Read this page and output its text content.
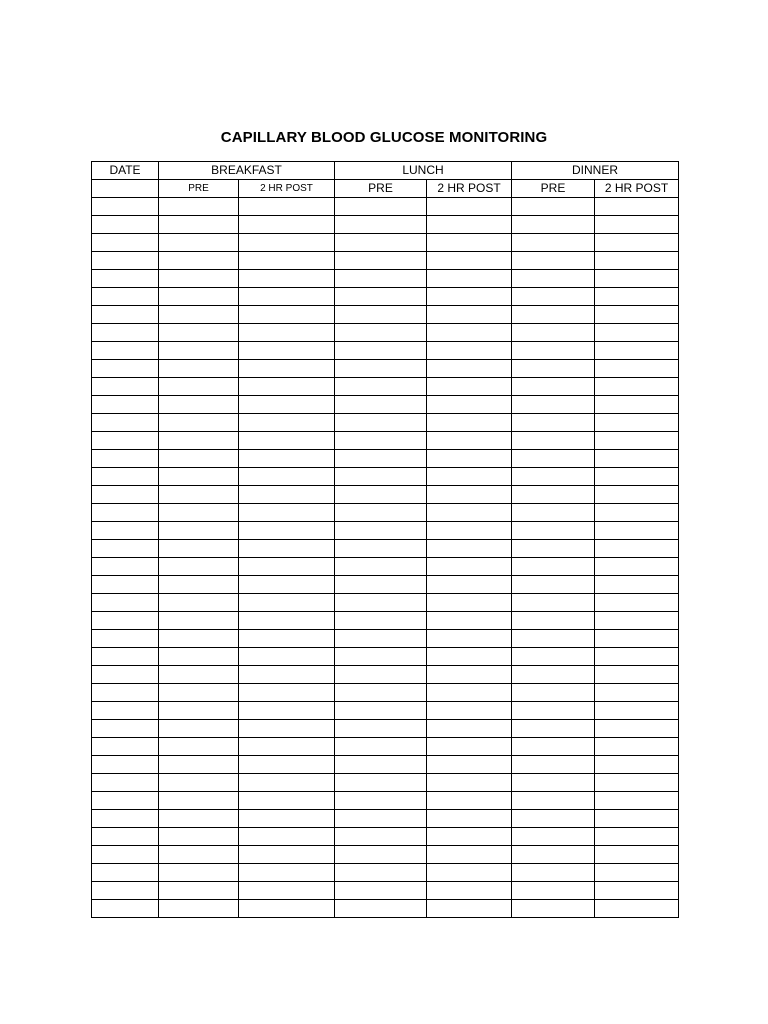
CAPILLARY BLOOD GLUCOSE MONITORING
DATE	BREAKFAST		LUNCH		DINNER	
	PRE	2 HR POST	PRE	2 HR POST	PRE	2 HR POST
